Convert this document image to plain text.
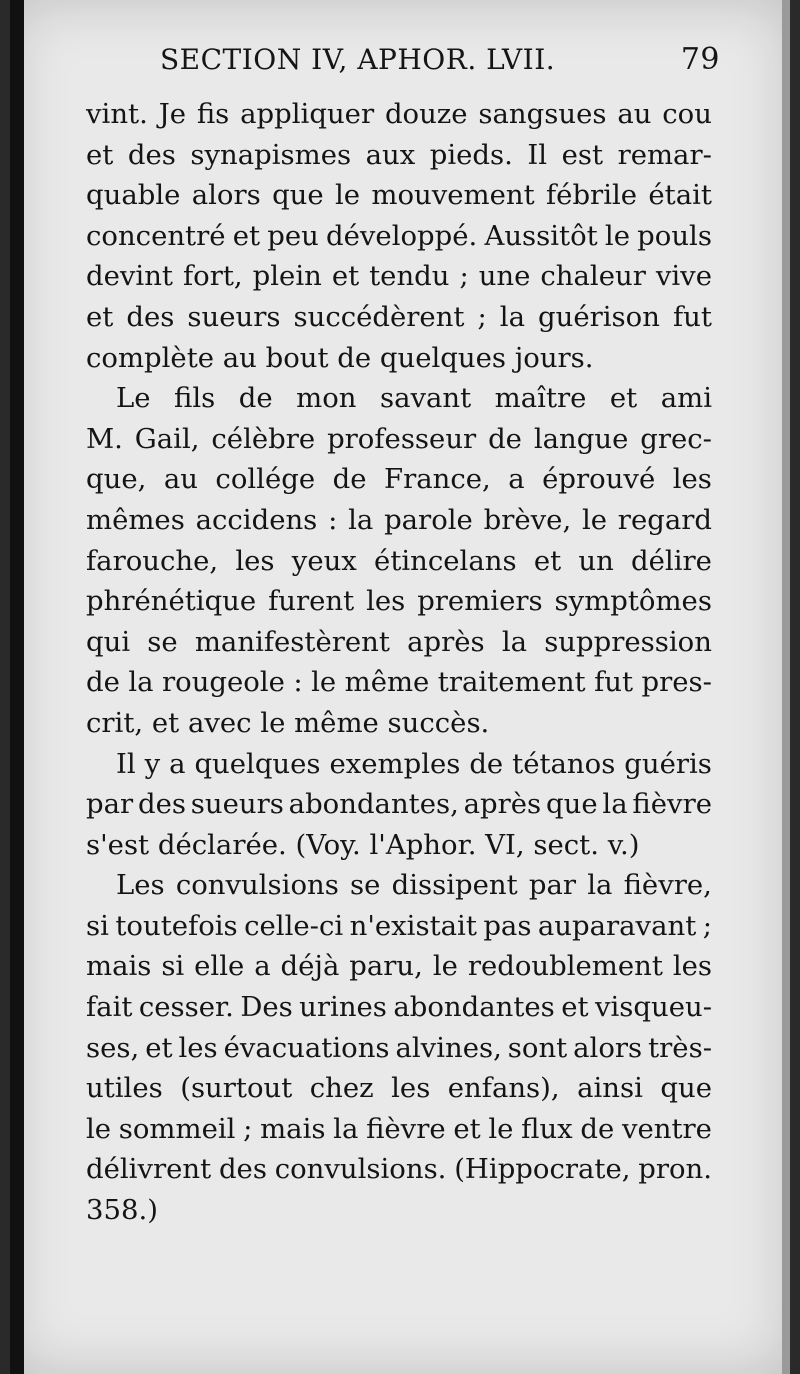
SECTION IV, APHOR. LVII.	79
vint. Je fis appliquer douze sangsues au cou
et des synapismes aux pieds. Il est remar-
quable alors que le mouvement fébrile était
concentré et peu développé. Aussitôt le pouls
devint fort, plein et tendu ; une chaleur vive
et des sueurs succédèrent ; la guérison fut
complète au bout de quelques jours.
Le fils de mon savant maître et ami
M. Gail, célèbre professeur de langue grec-
que, au collége de France, a éprouvé les
mêmes accidens : la parole brève, le regard
farouche, les yeux étincelans et un délire
phrénétique furent les premiers symptômes
qui se manifestèrent après la suppression
de la rougeole : le même traitement fut pres-
crit, et avec le même succès.
Il y a quelques exemples de tétanos guéris
par des sueurs abondantes, après que la fièvre
s'est déclarée. (Voy. l'Aphor. VI, sect. v.)
Les convulsions se dissipent par la fièvre,
si toutefois celle-ci n'existait pas auparavant ;
mais si elle a déjà paru, le redoublement les
fait cesser. Des urines abondantes et visqueu-
ses, et les évacuations alvines, sont alors très-
utiles (surtout chez les enfans), ainsi que
le sommeil ; mais la fièvre et le flux de ventre
délivrent des convulsions. (Hippocrate, pron.
358.)
